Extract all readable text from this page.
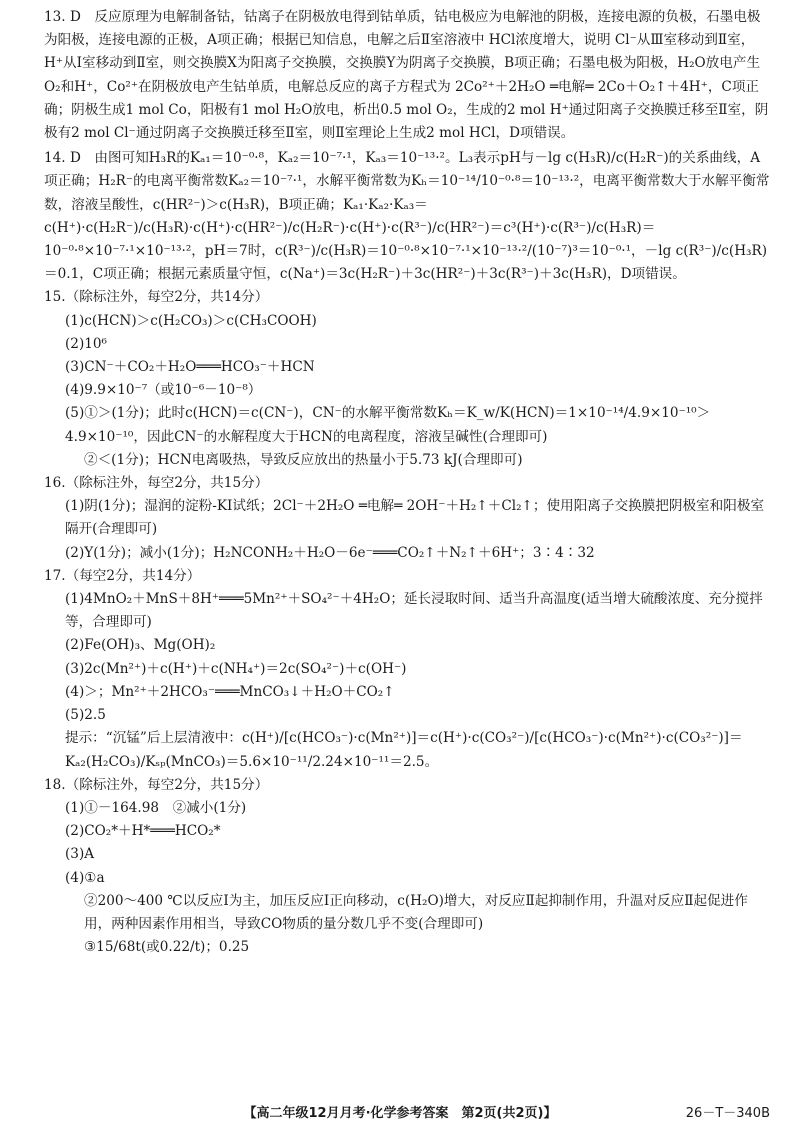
13. D　反应原理为电解制备钴，钴离子在阴极放电得到钴单质，钴电极应为电解池的阴极，连接电源的负极，石墨电极为阳极，连接电源的正极，A项正确；根据已知信息，电解之后Ⅱ室溶液中 HCl浓度增大，说明 Cl⁻从Ⅲ室移动到Ⅱ室，H⁺从Ⅰ室移动到Ⅱ室，则交换膜X为阳离子交换膜，交换膜Y为阴离子交换膜，B项正确；石墨电极为阳极，H₂O放电产生O₂和H⁺，Co²⁺在阴极放电产生钴单质，电解总反应的离子方程式为 2Co²⁺＋2H₂O ═电解═ 2Co＋O₂↑＋4H⁺，C项正确；阴极生成1 mol Co，阳极有1 mol H₂O放电，析出0.5 mol O₂，生成的2 mol H⁺通过阳离子交换膜迁移至Ⅱ室，阴极有2 mol Cl⁻通过阴离子交换膜迁移至Ⅱ室，则Ⅱ室理论上生成2 mol HCl，D项错误。

14. D　由图可知H₃R的Kₐ₁＝10⁻⁰·⁸，Kₐ₂＝10⁻⁷·¹，Kₐ₃＝10⁻¹³·²。L₃表示pH与－lg c(H₃R)/c(H₂R⁻)的关系曲线，A项正确；H₂R⁻的电离平衡常数Kₐ₂＝10⁻⁷·¹，水解平衡常数为Kₕ＝10⁻¹⁴/10⁻⁰·⁸＝10⁻¹³·²，电离平衡常数大于水解平衡常数，溶液呈酸性，c(HR²⁻)＞c(H₃R)，B项正确；Kₐ₁·Kₐ₂·Kₐ₃＝c(H⁺)·c(H₂R⁻)/c(H₃R)·c(H⁺)·c(HR²⁻)/c(H₂R⁻)·c(H⁺)·c(R³⁻)/c(HR²⁻)＝c³(H⁺)·c(R³⁻)/c(H₃R)＝10⁻⁰·⁸×10⁻⁷·¹×10⁻¹³·²，pH＝7时，c(R³⁻)/c(H₃R)＝10⁻⁰·⁸×10⁻⁷·¹×10⁻¹³·²/(10⁻⁷)³＝10⁻⁰·¹，－lg c(R³⁻)/c(H₃R)＝0.1，C项正确；根据元素质量守恒，c(Na⁺)＝3c(H₂R⁻)＋3c(HR²⁻)＋3c(R³⁻)＋3c(H₃R)，D项错误。

15.（除标注外，每空2分，共14分）

(1)c(HCN)＞c(H₂CO₃)＞c(CH₃COOH)

(2)10⁶

(3)CN⁻＋CO₂＋H₂O═══HCO₃⁻＋HCN

(4)9.9×10⁻⁷（或10⁻⁶－10⁻⁸）

(5)①＞(1分)；此时c(HCN)＝c(CN⁻)，CN⁻的水解平衡常数Kₕ＝K_w/K(HCN)＝1×10⁻¹⁴/4.9×10⁻¹⁰＞4.9×10⁻¹⁰，因此CN⁻的水解程度大于HCN的电离程度，溶液呈碱性(合理即可)

②＜(1分)；HCN电离吸热，导致反应放出的热量小于5.73 kJ(合理即可)

16.（除标注外，每空2分，共15分）

(1)阴(1分)；湿润的淀粉-KI试纸；2Cl⁻＋2H₂O ═电解═ 2OH⁻＋H₂↑＋Cl₂↑；使用阳离子交换膜把阴极室和阳极室隔开(合理即可)

(2)Y(1分)；减小(1分)；H₂NCONH₂＋H₂O－6e⁻═══CO₂↑＋N₂↑＋6H⁺；3∶4∶32

17.（每空2分，共14分）

(1)4MnO₂＋MnS＋8H⁺═══5Mn²⁺＋SO₄²⁻＋4H₂O；延长浸取时间、适当升高温度(适当增大硫酸浓度、充分搅拌等，合理即可)

(2)Fe(OH)₃、Mg(OH)₂

(3)2c(Mn²⁺)＋c(H⁺)＋c(NH₄⁺)＝2c(SO₄²⁻)＋c(OH⁻)

(4)＞；Mn²⁺＋2HCO₃⁻═══MnCO₃↓＋H₂O＋CO₂↑

(5)2.5

提示：“沉锰”后上层清液中：c(H⁺)/[c(HCO₃⁻)·c(Mn²⁺)]＝c(H⁺)·c(CO₃²⁻)/[c(HCO₃⁻)·c(Mn²⁺)·c(CO₃²⁻)]＝Kₐ₂(H₂CO₃)/Kₛₚ(MnCO₃)＝5.6×10⁻¹¹/2.24×10⁻¹¹＝2.5。

18.（除标注外，每空2分，共15分）

(1)①－164.98　②减小(1分)

(2)CO₂*＋H*═══HCO₂*

(3)A

(4)①a

②200～400 ℃以反应Ⅰ为主，加压反应Ⅰ正向移动，c(H₂O)增大，对反应Ⅱ起抑制作用，升温对反应Ⅱ起促进作用，两种因素作用相当，导致CO物质的量分数几乎不变(合理即可)

③15/68t(或0.22/t)；0.25

【高二年级12月月考·化学参考答案　第2页(共2页)】	26－T－340B
